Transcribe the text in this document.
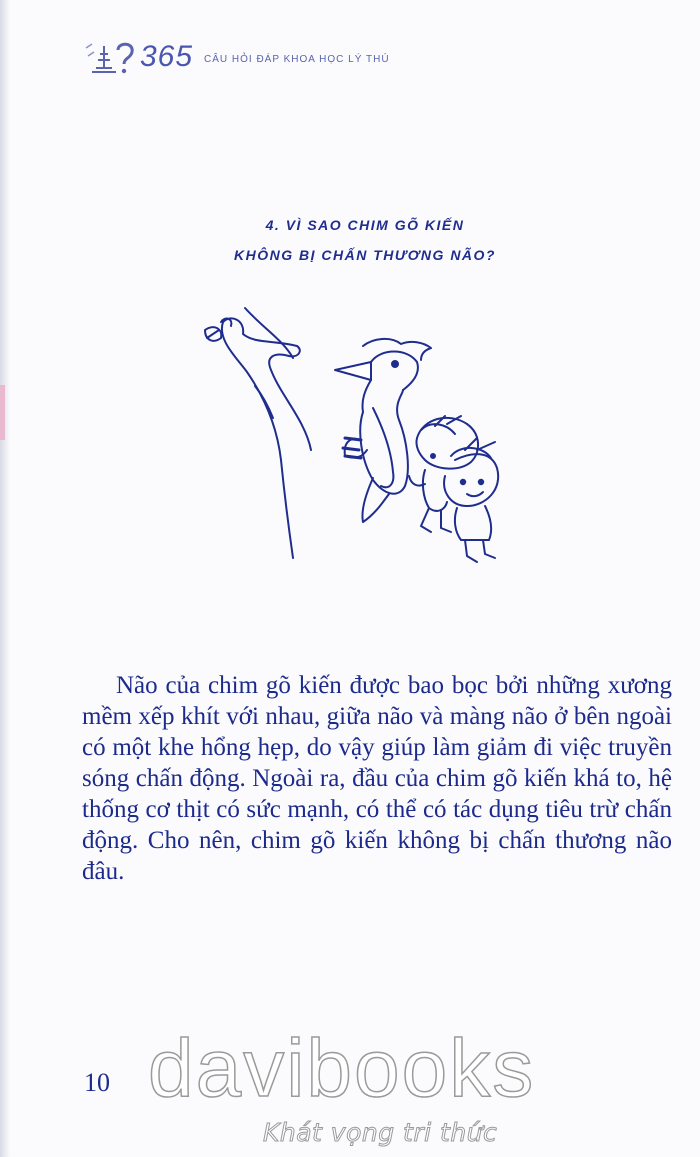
365 CÂU HỎI ĐÁP KHOA HỌC LÝ THÚ
4. VÌ SAO CHIM GÕ KIẾN
KHÔNG BỊ CHẤN THƯƠNG NÃO?

Não của chim gõ kiến được bao bọc bởi những xương mềm xếp khít với nhau, giữa não và màng não ở bên ngoài có một khe hổng hẹp, do vậy giúp làm giảm đi việc truyền sóng chấn động. Ngoài ra, đầu của chim gõ kiến khá to, hệ thống cơ thịt có sức mạnh, có thể có tác dụng tiêu trừ chấn động. Cho nên, chim gõ kiến không bị chấn thương não đâu.

10 davibooks
Khát vọng tri thức
